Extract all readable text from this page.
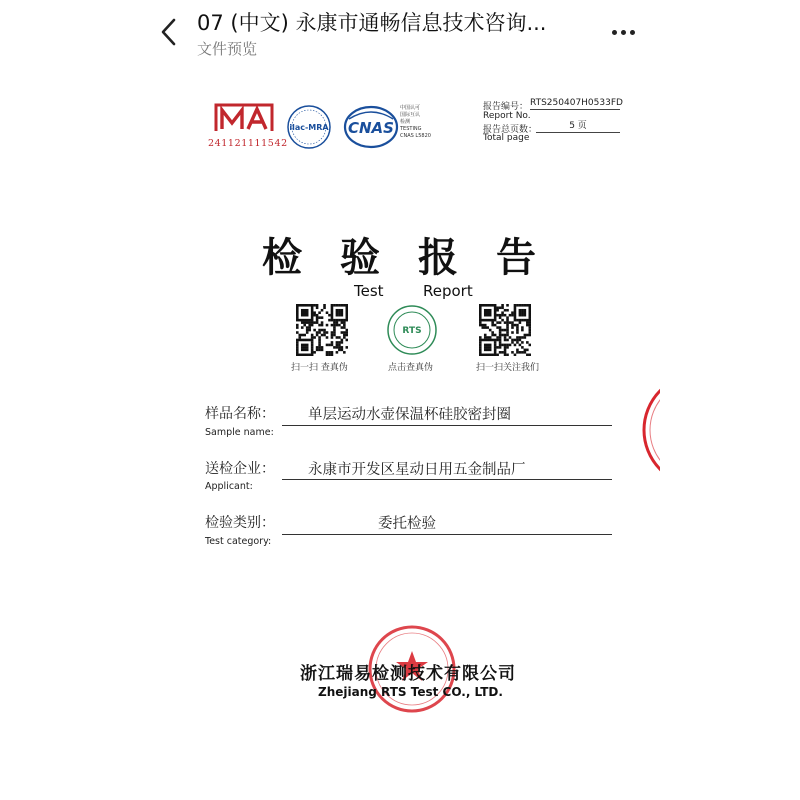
07 (中文) 永康市通畅信息技术咨询...
文件预览
241121111542
ilac-MRA CNAS
中国认可
国际互认
检测
TESTING
CNAS L5820
报告编号： RTS250407H0533FD
Report No.
报告总页数：	5 页
Total page
检验报告
Test	Report
RTS
扫一扫 查真伪	点击查真伪	扫一扫关注我们
样品名称：
Sample name:
单层运动水壶保温杯硅胶密封圈
送检企业：
Applicant:
永康市开发区星动日用五金制品厂
检验类别：
Test category:
委托检验
浙江瑞易检测技术有限公司
Zhejiang RTS Test CO., LTD.
